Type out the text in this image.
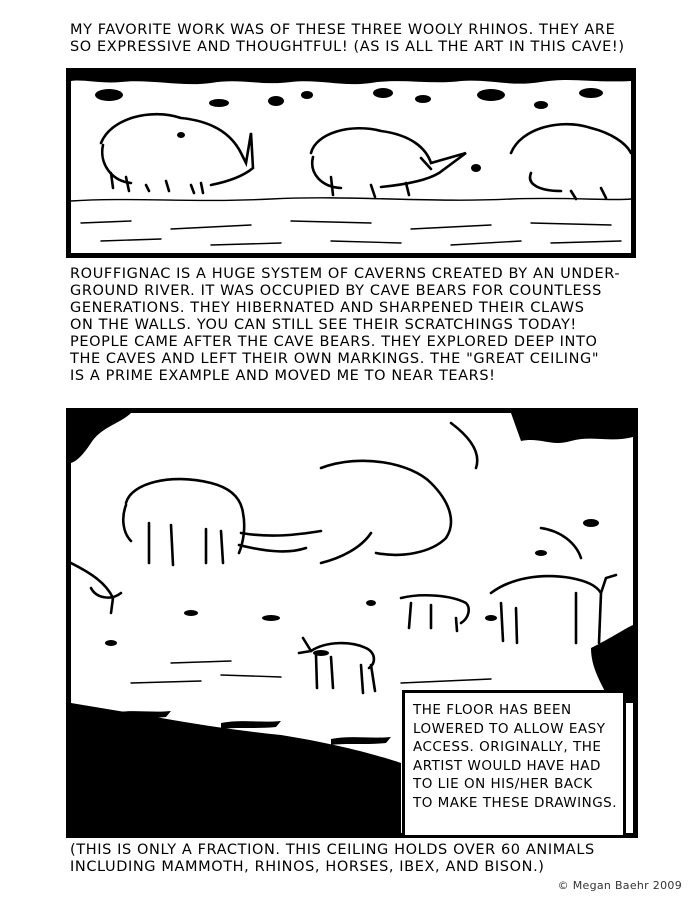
MY FAVORITE WORK WAS OF THESE THREE WOOLY RHINOS. THEY ARE
SO EXPRESSIVE AND THOUGHTFUL! (AS IS ALL THE ART IN THIS CAVE!)
ROUFFIGNAC IS A HUGE SYSTEM OF CAVERNS CREATED BY AN UNDER-
GROUND RIVER. IT WAS OCCUPIED BY CAVE BEARS FOR COUNTLESS
GENERATIONS. THEY HIBERNATED AND SHARPENED THEIR CLAWS
ON THE WALLS. YOU CAN STILL SEE THEIR SCRATCHINGS TODAY!
PEOPLE CAME AFTER THE CAVE BEARS. THEY EXPLORED DEEP INTO
THE CAVES AND LEFT THEIR OWN MARKINGS. THE "GREAT CEILING"
IS A PRIME EXAMPLE AND MOVED ME TO NEAR TEARS!
THE FLOOR HAS BEEN
LOWERED TO ALLOW EASY
ACCESS. ORIGINALLY, THE
ARTIST WOULD HAVE HAD
TO LIE ON HIS/HER BACK
TO MAKE THESE DRAWINGS.
(THIS IS ONLY A FRACTION. THIS CEILING HOLDS OVER 60 ANIMALS
INCLUDING MAMMOTH, RHINOS, HORSES, IBEX, AND BISON.)
© Megan Baehr 2009
